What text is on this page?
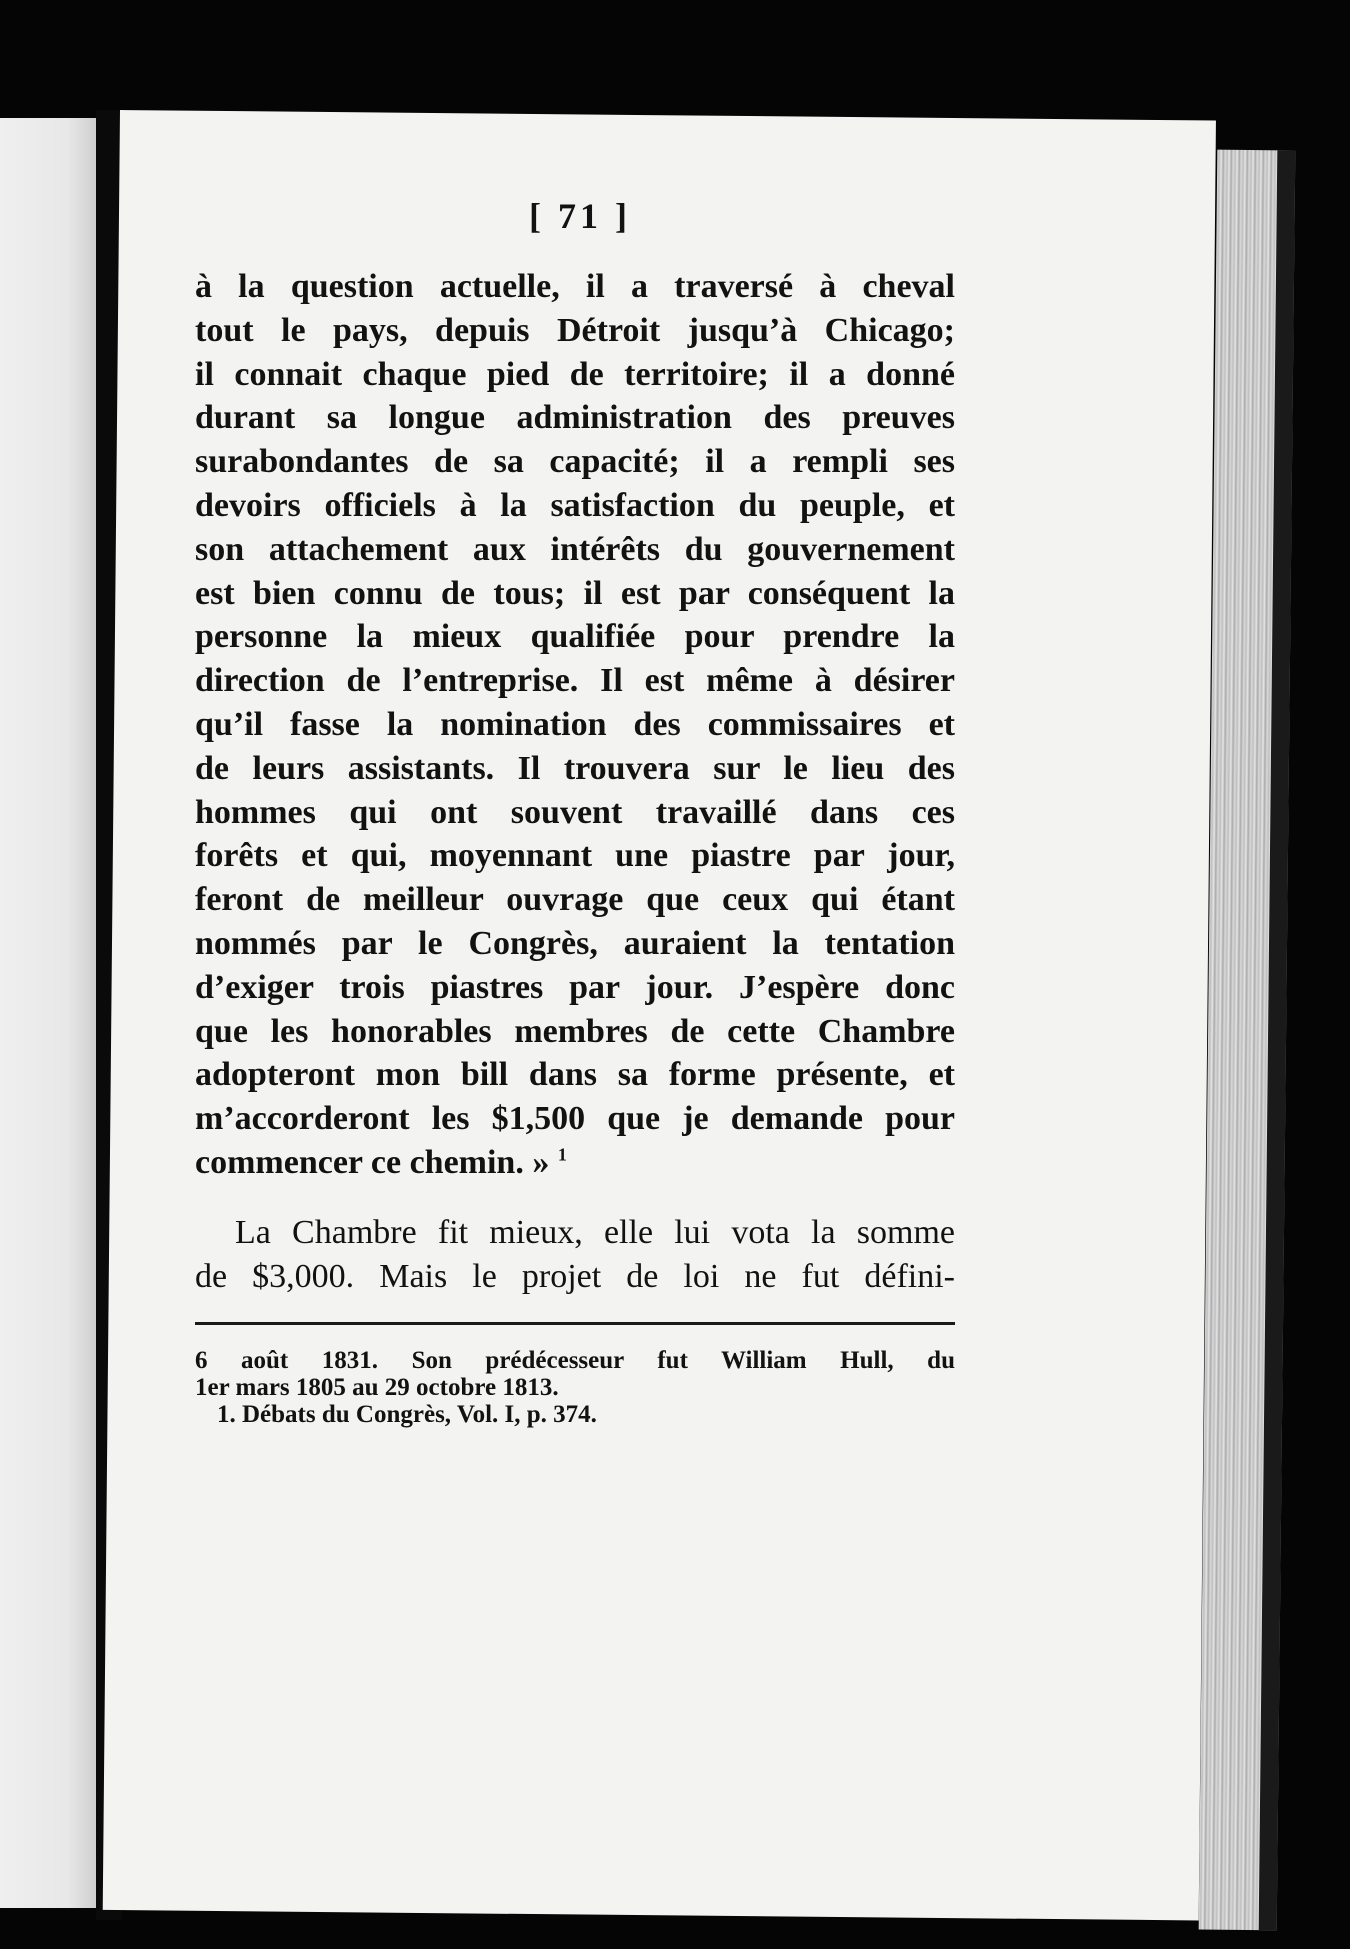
[ 71 ]

à la question actuelle, il a traversé à cheval
tout le pays, depuis Détroit jusqu’à Chicago;
il connait chaque pied de territoire; il a donné
durant sa longue administration des preuves
surabondantes de sa capacité; il a rempli ses
devoirs officiels à la satisfaction du peuple, et
son attachement aux intérêts du gouvernement
est bien connu de tous; il est par conséquent la
personne la mieux qualifiée pour prendre la
direction de l’entreprise. Il est même à désirer
qu’il fasse la nomination des commissaires et
de leurs assistants. Il trouvera sur le lieu des
hommes qui ont souvent travaillé dans ces
forêts et qui, moyennant une piastre par jour,
feront de meilleur ouvrage que ceux qui étant
nommés par le Congrès, auraient la tentation
d’exiger trois piastres par jour. J’espère donc
que les honorables membres de cette Chambre
adopteront mon bill dans sa forme présente, et
m’accorderont les $1,500 que je demande pour
commencer ce chemin. » $^1$

La Chambre fit mieux, elle lui vota la somme
de $3,000. Mais le projet de loi ne fut défini-

6 août 1831. Son prédécesseur fut William Hull, du
1er mars 1805 au 29 octobre 1813.
1. Débats du Congrès, Vol. I, p. 374.
